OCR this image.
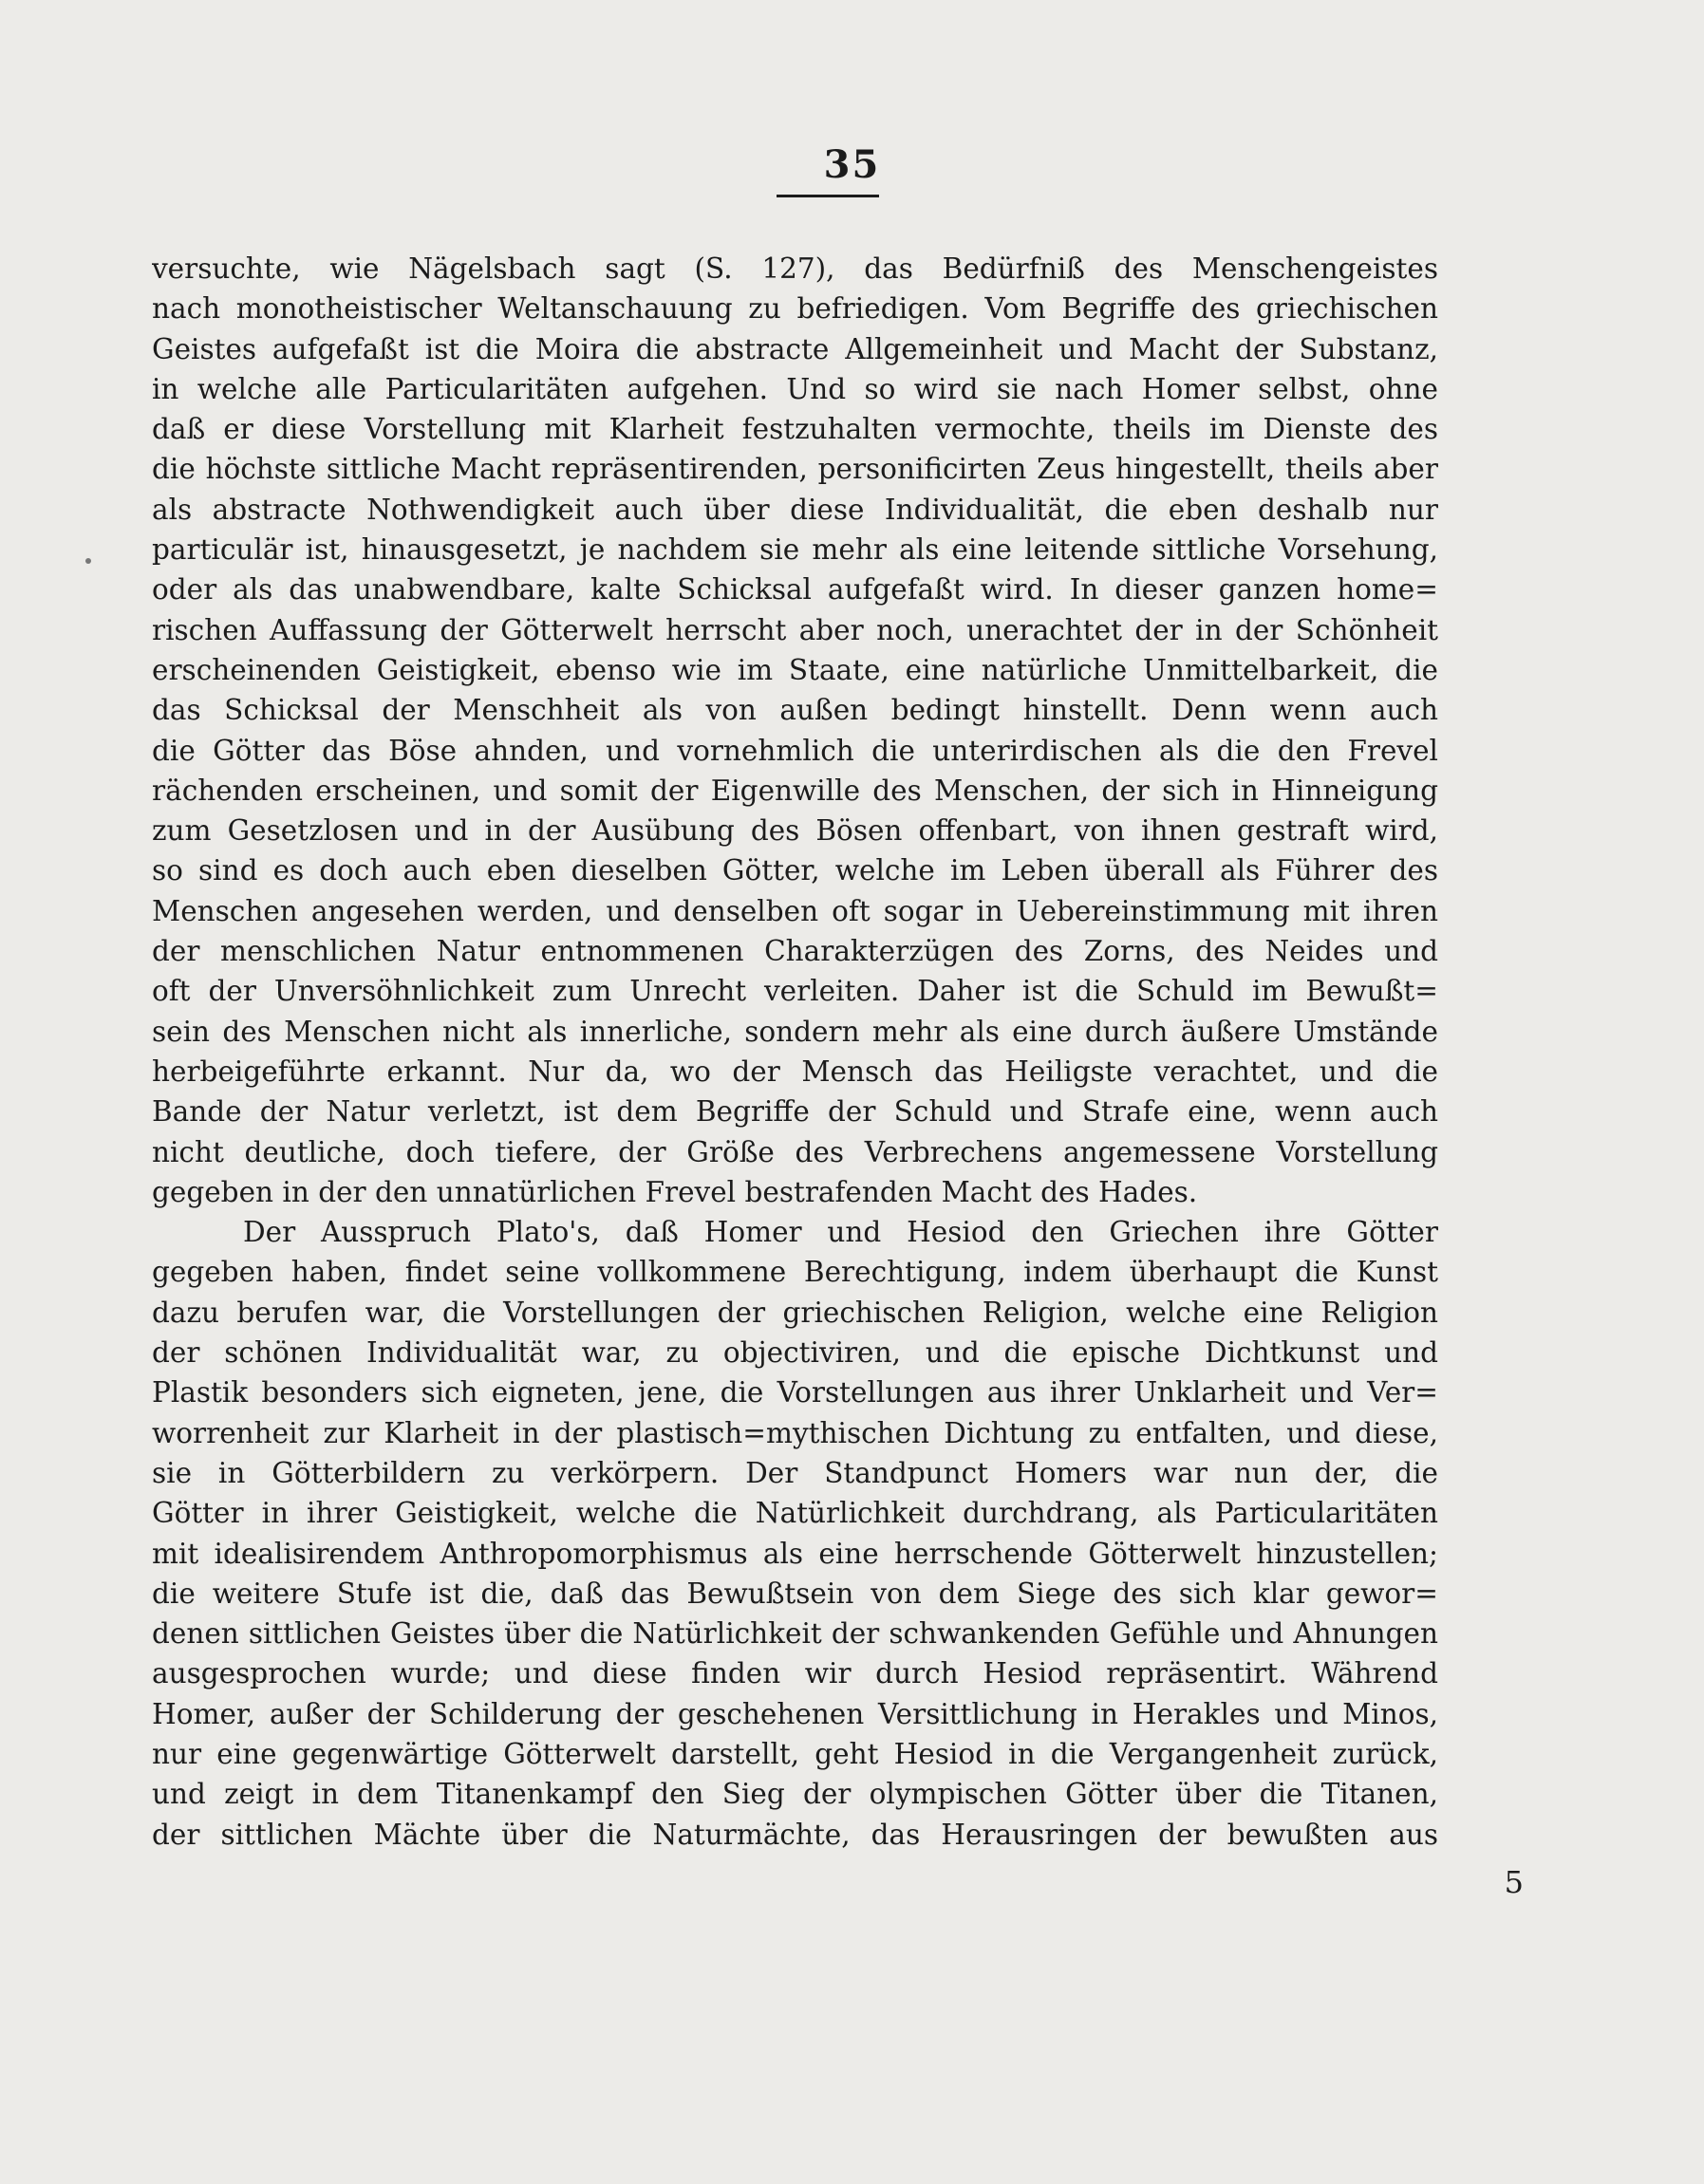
35
versuchte, wie Nägelsbach sagt (S. 127), das Bedürfniß des Menschengeistes
nach monotheistischer Weltanschauung zu befriedigen. Vom Begriffe des griechischen
Geistes aufgefaßt ist die Moira die abstracte Allgemeinheit und Macht der Substanz,
in welche alle Particularitäten aufgehen. Und so wird sie nach Homer selbst, ohne
daß er diese Vorstellung mit Klarheit festzuhalten vermochte, theils im Dienste des
die höchste sittliche Macht repräsentirenden, personificirten Zeus hingestellt, theils aber
als abstracte Nothwendigkeit auch über diese Individualität, die eben deshalb nur
particulär ist, hinausgesetzt, je nachdem sie mehr als eine leitende sittliche Vorsehung,
oder als das unabwendbare, kalte Schicksal aufgefaßt wird. In dieser ganzen home=
rischen Auffassung der Götterwelt herrscht aber noch, unerachtet der in der Schönheit
erscheinenden Geistigkeit, ebenso wie im Staate, eine natürliche Unmittelbarkeit, die
das Schicksal der Menschheit als von außen bedingt hinstellt. Denn wenn auch
die Götter das Böse ahnden, und vornehmlich die unterirdischen als die den Frevel
rächenden erscheinen, und somit der Eigenwille des Menschen, der sich in Hinneigung
zum Gesetzlosen und in der Ausübung des Bösen offenbart, von ihnen gestraft wird,
so sind es doch auch eben dieselben Götter, welche im Leben überall als Führer des
Menschen angesehen werden, und denselben oft sogar in Uebereinstimmung mit ihren
der menschlichen Natur entnommenen Charakterzügen des Zorns, des Neides und
oft der Unversöhnlichkeit zum Unrecht verleiten. Daher ist die Schuld im Bewußt=
sein des Menschen nicht als innerliche, sondern mehr als eine durch äußere Umstände
herbeigeführte erkannt. Nur da, wo der Mensch das Heiligste verachtet, und die
Bande der Natur verletzt, ist dem Begriffe der Schuld und Strafe eine, wenn auch
nicht deutliche, doch tiefere, der Größe des Verbrechens angemessene Vorstellung
gegeben in der den unnatürlichen Frevel bestrafenden Macht des Hades.
Der Ausspruch Plato's, daß Homer und Hesiod den Griechen ihre Götter
gegeben haben, findet seine vollkommene Berechtigung, indem überhaupt die Kunst
dazu berufen war, die Vorstellungen der griechischen Religion, welche eine Religion
der schönen Individualität war, zu objectiviren, und die epische Dichtkunst und
Plastik besonders sich eigneten, jene, die Vorstellungen aus ihrer Unklarheit und Ver=
worrenheit zur Klarheit in der plastisch=mythischen Dichtung zu entfalten, und diese,
sie in Götterbildern zu verkörpern. Der Standpunct Homers war nun der, die
Götter in ihrer Geistigkeit, welche die Natürlichkeit durchdrang, als Particularitäten
mit idealisirendem Anthropomorphismus als eine herrschende Götterwelt hinzustellen;
die weitere Stufe ist die, daß das Bewußtsein von dem Siege des sich klar gewor=
denen sittlichen Geistes über die Natürlichkeit der schwankenden Gefühle und Ahnungen
ausgesprochen wurde; und diese finden wir durch Hesiod repräsentirt. Während
Homer, außer der Schilderung der geschehenen Versittlichung in Herakles und Minos,
nur eine gegenwärtige Götterwelt darstellt, geht Hesiod in die Vergangenheit zurück,
und zeigt in dem Titanenkampf den Sieg der olympischen Götter über die Titanen,
der sittlichen Mächte über die Naturmächte, das Herausringen der bewußten aus
5
